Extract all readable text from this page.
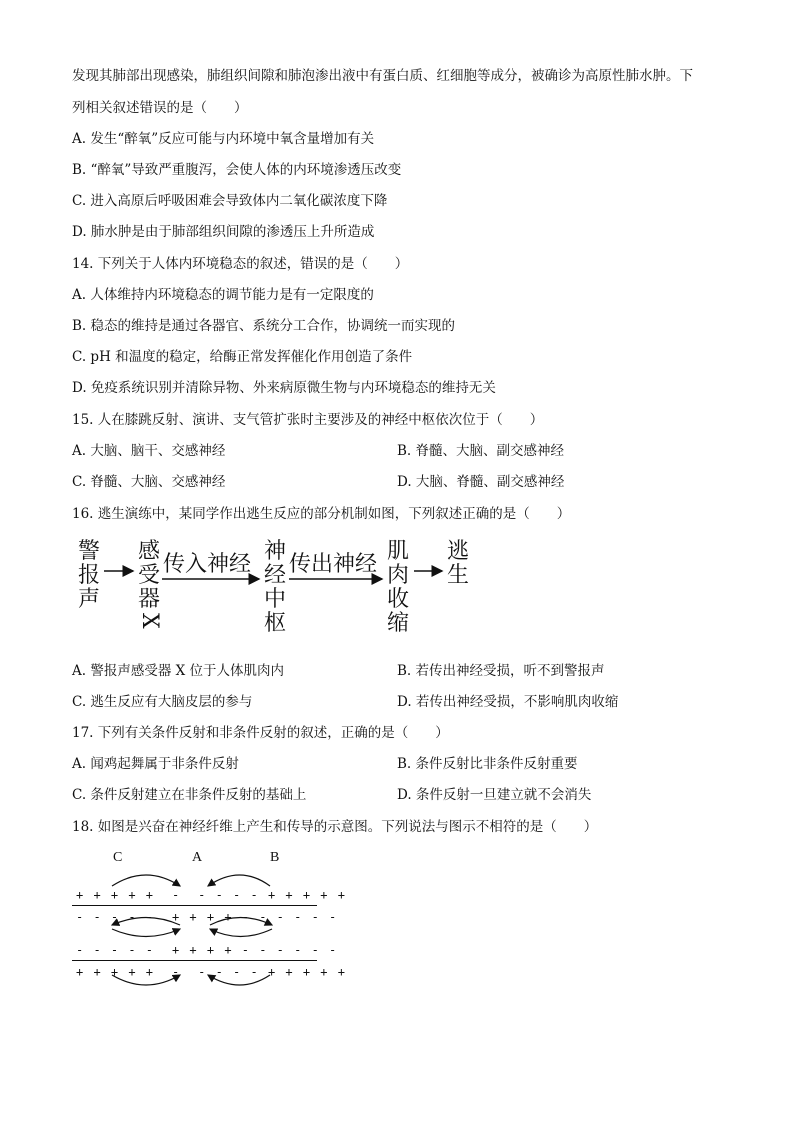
发现其肺部出现感染，肺组织间隙和肺泡渗出液中有蛋白质、红细胞等成分，被确诊为高原性肺水肿。下
列相关叙述错误的是（　　）
A. 发生“醉氧”反应可能与内环境中氧含量增加有关
B. “醉氧”导致严重腹泻，会使人体的内环境渗透压改变
C. 进入高原后呼吸困难会导致体内二氧化碳浓度下降
D. 肺水肿是由于肺部组织间隙的渗透压上升所造成
14. 下列关于人体内环境稳态的叙述，错误的是（　　）
A. 人体维持内环境稳态的调节能力是有一定限度的
B. 稳态的维持是通过各器官、系统分工合作，协调统一而实现的
C. pH 和温度的稳定，给酶正常发挥催化作用创造了条件
D. 免疫系统识别并清除异物、外来病原微生物与内环境稳态的维持无关
15. 人在膝跳反射、演讲、支气管扩张时主要涉及的神经中枢依次位于（　　）
A. 大脑、脑干、交感神经	B. 脊髓、大脑、副交感神经
C. 脊髓、大脑、交感神经	D. 大脑、脊髓、副交感神经
16. 逃生演练中，某同学作出逃生反应的部分机制如图，下列叙述正确的是（　　）
警
报
声
感
受
器
X
传入神经
神
经
中
枢
传出神经
肌
肉
收
缩
逃
生
A. 警报声感受器 X 位于人体肌肉内	B. 若传出神经受损，听不到警报声
C. 逃生反应有大脑皮层的参与	D. 若传出神经受损，不影响肌肉收缩
17. 下列有关条件反射和非条件反射的叙述，正确的是（　　）
A. 闻鸡起舞属于非条件反射	B. 条件反射比非条件反射重要
C. 条件反射建立在非条件反射的基础上	D. 条件反射一旦建立就不会消失
18. 如图是兴奋在神经纤维上产生和传导的示意图。下列说法与图示不相符的是（　　）
C	A	B
+ + + + +  -  - - - - + + + + +
- - - - -  + + + + - - - - - -
- - - - -  + + + + - - - - - -
+ + + + +  -  - - - - + + + + +
